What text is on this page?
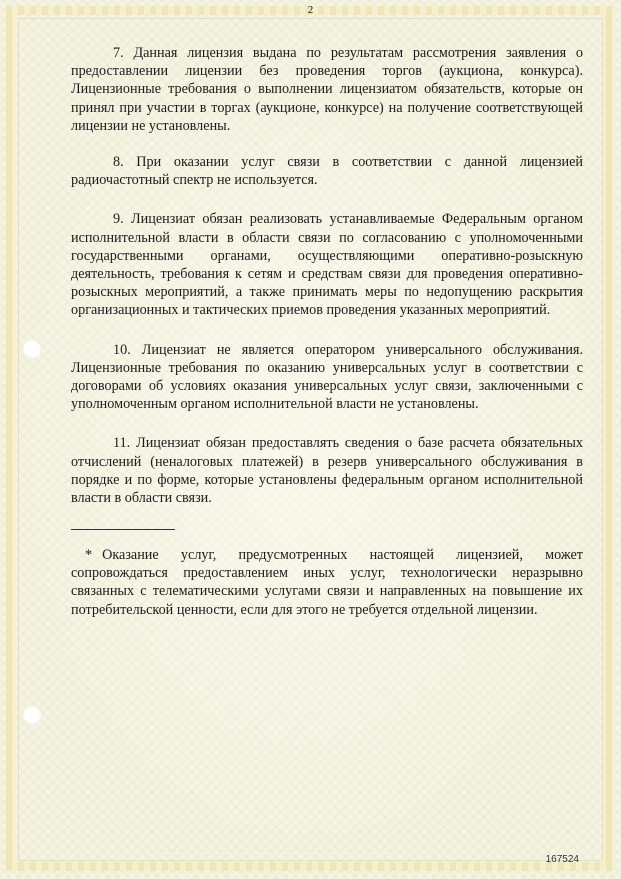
2

7. Данная лицензия выдана по результатам рассмотрения заявления о предоставлении лицензии без проведения торгов (аукциона, конкурса). Лицензионные требования о выполнении лицензиатом обязательств, которые он принял при участии в торгах (аукционе, конкурсе) на получение соответствующей лицензии не установлены.

8. При оказании услуг связи в соответствии с данной лицензией радиочастотный спектр не используется.

9. Лицензиат обязан реализовать устанавливаемые Федеральным органом исполнительной власти в области связи по согласованию с уполномоченными государственными органами, осуществляющими оперативно-розыскную деятельность, требования к сетям и средствам связи для проведения оперативно-розыскных мероприятий, а также принимать меры по недопущению раскрытия организационных и тактических приемов проведения указанных мероприятий.

10. Лицензиат не является оператором универсального обслуживания. Лицензионные требования по оказанию универсальных услуг в соответствии с договорами об условиях оказания универсальных услуг связи, заключенными с уполномоченным органом исполнительной власти не установлены.

11. Лицензиат обязан предоставлять сведения о базе расчета обязательных отчислений (неналоговых платежей) в резерв универсального обслуживания в порядке и по форме, которые установлены федеральным органом исполнительной власти в области связи.

* Оказание услуг, предусмотренных настоящей лицензией, может сопровождаться предоставлением иных услуг, технологически неразрывно связанных с телематическими услугами связи и направленных на повышение их потребительской ценности, если для этого не требуется отдельной лицензии.

· · · · · · · · · · · · · · · · · · · · · · · · · · · · · · · · · · · · · · · · · · · · · · · · · · · · · · · · · · · · · · · · · · · · · · · · · · · · · · · · · · · · · · · · · · · · · · · · · · · · · · ·
167524
